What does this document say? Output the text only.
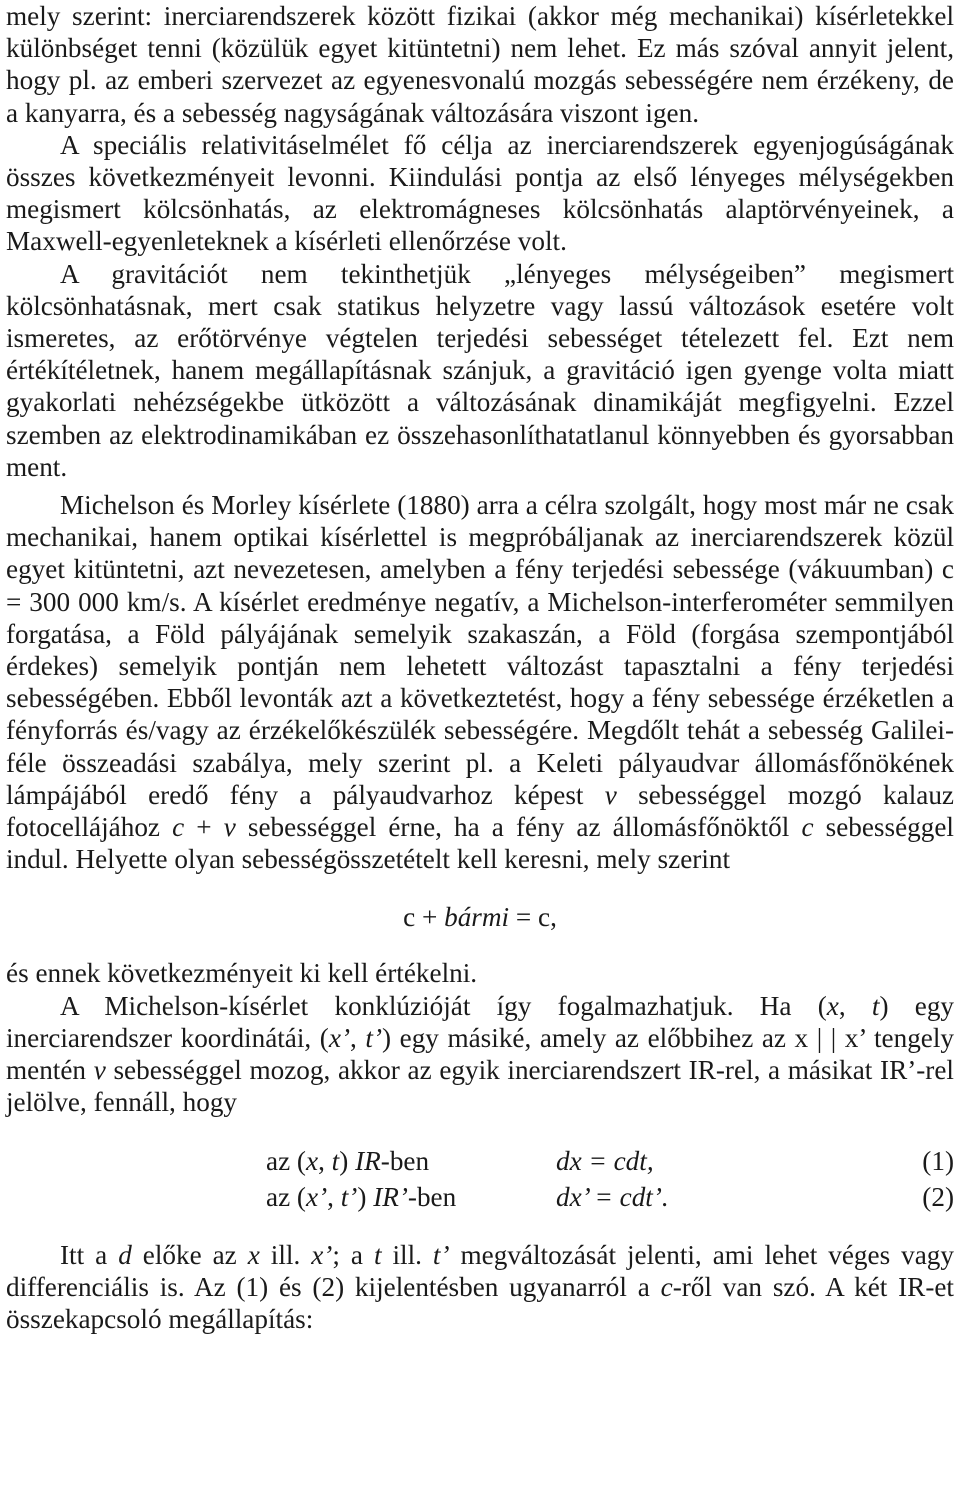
mely szerint: inerciarendszerek között fizikai (akkor még mechanikai) kísérletekkel különbséget tenni (közülük egyet kitüntetni) nem lehet. Ez más szóval annyit jelent, hogy pl. az emberi szervezet az egyenesvonalú mozgás sebességére nem érzékeny, de a kanyarra, és a sebesség nagyságának változására viszont igen.

A speciális relativitáselmélet fő célja az inerciarendszerek egyenjogúságának összes következményeit levonni. Kiindulási pontja az első lényeges mélységekben megismert kölcsönhatás, az elektromágneses kölcsönhatás alaptörvényeinek, a Maxwell-egyenleteknek a kísérleti ellenőrzése volt.

A gravitációt nem tekinthetjük „lényeges mélységeiben” megismert kölcsönhatásnak, mert csak statikus helyzetre vagy lassú változások esetére volt ismeretes, az erőtörvénye végtelen terjedési sebességet tételezett fel. Ezt nem értékítéletnek, hanem megállapításnak szánjuk, a gravitáció igen gyenge volta miatt gyakorlati nehézségekbe ütközött a változásának dinamikáját megfigyelni. Ezzel szemben az elektrodinamikában ez összehasonlíthatatlanul könnyebben és gyorsabban ment.

Michelson és Morley kísérlete (1880) arra a célra szolgált, hogy most már ne csak mechanikai, hanem optikai kísérlettel is megpróbáljanak az inerciarendszerek közül egyet kitüntetni, azt nevezetesen, amelyben a fény terjedési sebessége (vákuumban) c = 300 000 km/s. A kísérlet eredménye negatív, a Michelson-interferométer semmilyen forgatása, a Föld pályájának semelyik szakaszán, a Föld (forgása szempontjából érdekes) semelyik pontján nem lehetett változást tapasztalni a fény terjedési sebességében. Ebből levonták azt a következtetést, hogy a fény sebessége érzéketlen a fényforrás és/vagy az érzékelőkészülék sebességére. Megdőlt tehát a sebesség Galilei-féle összeadási szabálya, mely szerint pl. a Keleti pályaudvar állomásfőnökének lámpájából eredő fény a pályaudvarhoz képest v sebességgel mozgó kalauz fotocellájához c + v sebességgel érne, ha a fény az állomásfőnöktől c sebességgel indul. Helyette olyan sebességösszetételt kell keresni, mely szerint

c + bármi = c,

és ennek következményeit ki kell értékelni.

A Michelson-kísérlet konklúzióját így fogalmazhatjuk. Ha (x, t) egy inerciarendszer koordinátái, (x’, t’) egy másiké, amely az előbbihez az x | | x’ tengely mentén v sebességgel mozog, akkor az egyik inerciarendszert IR-rel, a másikat IR’-rel jelölve, fennáll, hogy

	az (x, t) IR-ben	dx = cdt,	(1)
	az (x’, t’) IR’-ben	dx’ = cdt’.	(2)

Itt a d előke az x ill. x’; a t ill. t’ megváltozását jelenti, ami lehet véges vagy differenciális is. Az (1) és (2) kijelentésben ugyanarról a c-ről van szó. A két IR-et összekapcsoló megállapítás:
